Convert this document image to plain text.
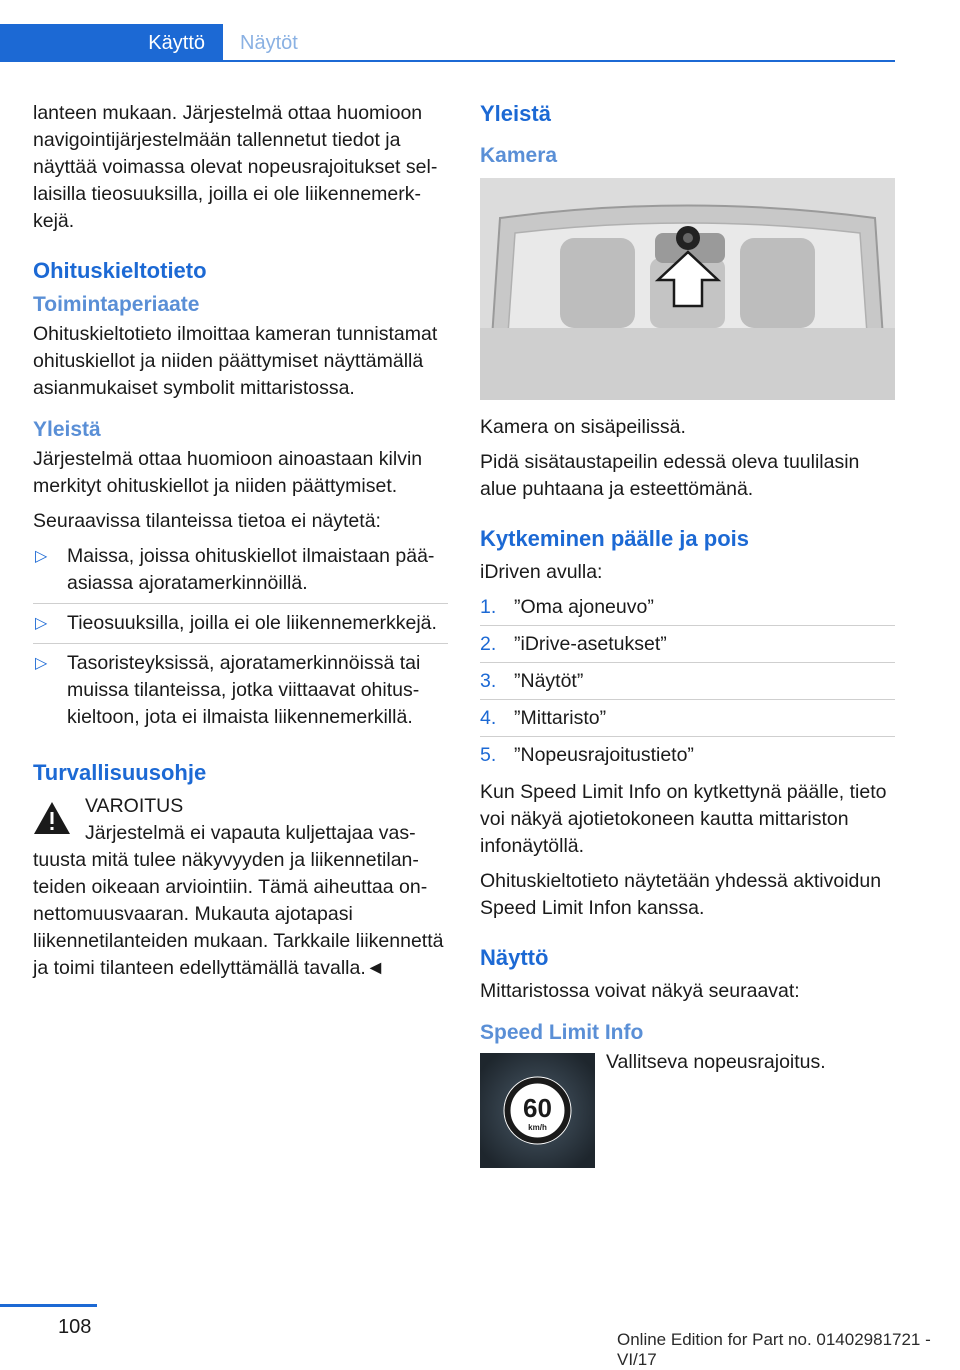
Käyttö	Näytöt

lanteen mukaan. Järjestelmä ottaa huomioon navigointijärjestelmään tallennetut tiedot ja näyttää voimassa olevat nopeusrajoitukset sellaisilla tieosuuksilla, joilla ei ole liikennemerkkejä.

Ohituskieltotieto
Toimintaperiaate

Ohituskieltotieto ilmoittaa kameran tunnistamat ohituskiellot ja niiden päättymiset näyttämällä asianmukaiset symbolit mittaristossa.

Yleistä

Järjestelmä ottaa huomioon ainoastaan kilvin merkityt ohituskiellot ja niiden päättymiset.

Seuraavissa tilanteissa tietoa ei näytetä:

▷ Maissa, joissa ohituskiellot ilmaistaan pääasiassa ajoratamerkinnöillä.
▷ Tieosuuksilla, joilla ei ole liikennemerkkejä.
▷ Tasoristeyksissä, ajoratamerkinnöissä tai muissa tilanteissa, jotka viittaavat ohituskieltoon, jota ei ilmaista liikennemerkillä.
Turvallisuusohje
VAROITUS
Järjestelmä ei vapauta kuljettajaa vastuusta mitä tulee näkyvyyden ja liikennetilanteiden oikeaan arviointiin. Tämä aiheuttaa onnettomuusvaaran. Mukauta ajotapasi liikennetilanteiden mukaan. Tarkkaile liikennettä ja toimi tilanteen edellyttämällä tavalla.◄
Yleistä
Kamera

Kamera on sisäpeilissä.

Pidä sisätaustapeilin edessä oleva tuulilasin alue puhtaana ja esteettömänä.

Kytkeminen päälle ja pois

iDriven avulla:

1. ”Oma ajoneuvo”
2. ”iDrive-asetukset”
3. ”Näytöt”
4. ”Mittaristo”
5. ”Nopeusrajoitustieto”

Kun Speed Limit Info on kytkettynä päälle, tieto voi näkyä ajotietokoneen kautta mittariston infonäytöllä.

Ohituskieltotieto näytetään yhdessä aktivoidun Speed Limit Infon kanssa.

Näyttö

Mittaristossa voivat näkyä seuraavat:

Speed Limit Info
60
km/h

Vallitseva nopeusrajoitus.

108
Online Edition for Part no. 01402981721 - VI/17
